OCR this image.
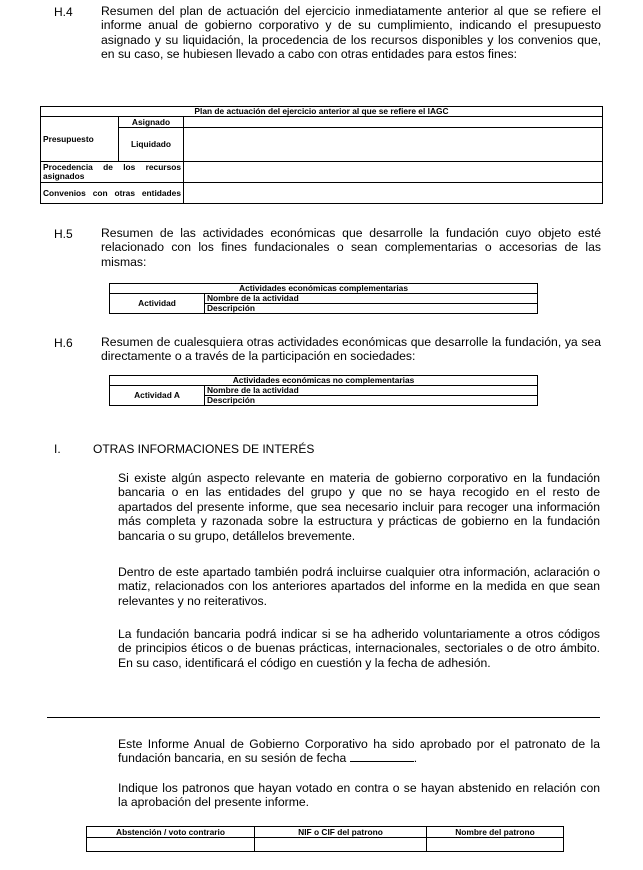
H.4 Resumen del plan de actuación del ejercicio inmediatamente anterior al que se refiere el informe anual de gobierno corporativo y de su cumplimiento, indicando el presupuesto asignado y su liquidación, la procedencia de los recursos disponibles y los convenios que, en su caso, se hubiesen llevado a cabo con otras entidades para estos fines:

Plan de actuación del ejercicio anterior al que se refiere el IAGC		
Presupuesto	Asignado	
	Liquidado	
Procedencia de los recursos asignados		
Convenios con otras entidades		
H.5 Resumen de las actividades económicas que desarrolle la fundación cuyo objeto esté relacionado con los fines fundacionales o sean complementarias o accesorias de las mismas:

Actividades económicas complementarias
Actividad	Nombre de la actividad
Descripción
H.6 Resumen de cualesquiera otras actividades económicas que desarrolle la fundación, ya sea directamente o a través de la participación en sociedades:

Actividades económicas no complementarias
Actividad A	Nombre de la actividad
Descripción
I.	OTRAS INFORMACIONES DE INTERÉS

Si existe algún aspecto relevante en materia de gobierno corporativo en la fundación bancaria o en las entidades del grupo y que no se haya recogido en el resto de apartados del presente informe, que sea necesario incluir para recoger una información más completa y razonada sobre la estructura y prácticas de gobierno en la fundación bancaria o su grupo, detállelos brevemente.

Dentro de este apartado también podrá incluirse cualquier otra información, aclaración o matiz, relacionados con los anteriores apartados del informe en la medida en que sean relevantes y no reiterativos.

La fundación bancaria podrá indicar si se ha adherido voluntariamente a otros códigos de principios éticos o de buenas prácticas, internacionales, sectoriales o de otro ámbito. En su caso, identificará el código en cuestión y la fecha de adhesión.

Este Informe Anual de Gobierno Corporativo ha sido aprobado por el patronato de la fundación bancaria, en su sesión de fecha	.

Indique los patronos que hayan votado en contra o se hayan abstenido en relación con la aprobación del presente informe.

Abstención / voto contrario	NIF o CIF del patrono	Nombre del patrono
